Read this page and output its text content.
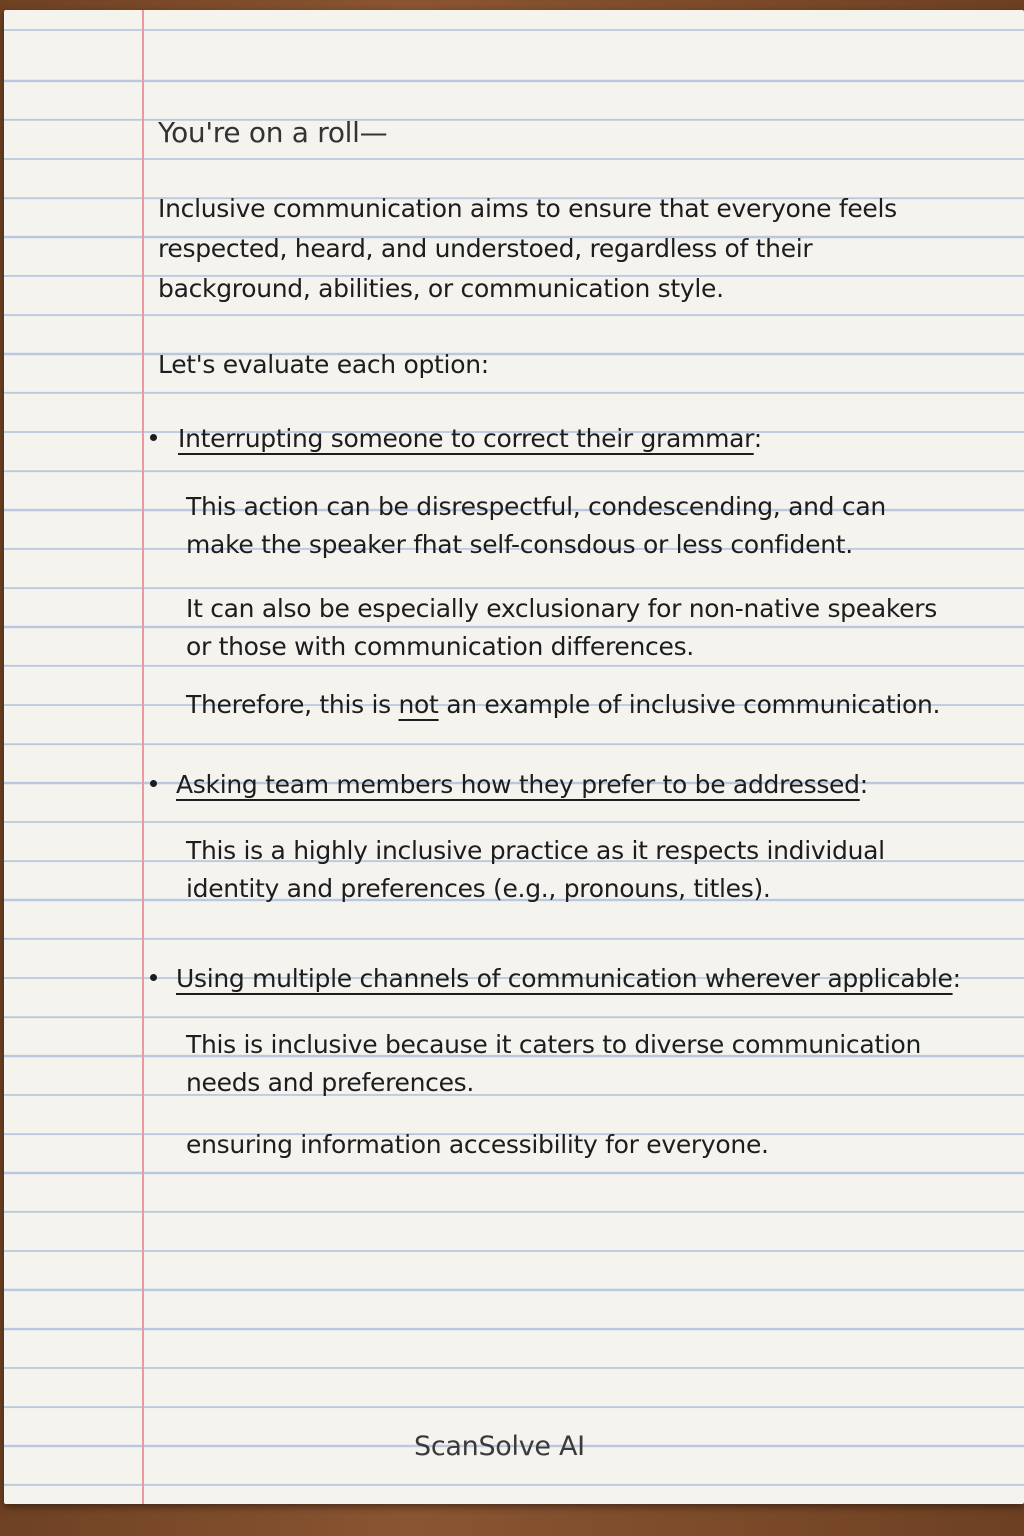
You're on a roll—

Inclusive communication aims to ensure that everyone feels

respected, heard, and understoed, regardless of their

background, abilities, or communication style.

Let's evaluate each option:

Interrupting someone to correct their grammar:

This action can be disrespectful, condescending, and can

make the speaker fhat self-consdous or less confident.

It can also be especially exclusionary for non-native speakers

or those with communication differences.

Therefore, this is not an example of inclusive communication.

Asking team members how they prefer to be addressed:

This is a highly inclusive practice as it respects individual

identity and preferences (e.g., pronouns, titles).

Using multiple channels of communication wherever applicable:

This is inclusive because it caters to diverse communication

needs and preferences.

ensuring information accessibility for everyone.

ScanSolve AI
